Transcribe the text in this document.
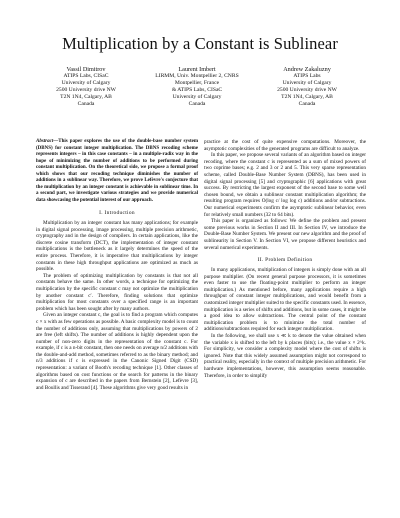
Multiplication by a Constant is Sublinear
Vassil Dimitrov
ATIPS Labs, CISaC
University of Calgary
2500 University drive NW
T2N 1N4, Calgary, AB
Canada
Laurent Imbert
LIRMM, Univ. Montpellier 2, CNRS
Montpellier, France
& ATIPS Labs, CISaC
University of Calgary
Canada
Andrew Zakaluzny
ATIPS Labs
University of Calgary
2500 University drive NW
T2N 1N4, Calgary, AB
Canada

Abstract—This paper explores the use of the double-base number system (DBNS) for constant integer multiplication. The DBNS recoding scheme represents integers – in this case constants – in a multiple-radix way in the hope of minimizing the number of additions to be performed during constant multiplication. On the theoretical side, we propose a formal proof which shows that our recoding technique diminishes the number of additions in a sublinear way. Therefore, we prove Lefèvre's conjecture that the multiplication by an integer constant is achievable in sublinear time. In a second part, we investigate various strategies and we provide numerical data showcasing the potential interest of our approach.

I. Introduction

Multiplication by an integer constant has many applications; for example in digital signal processing, image processing, multiple precision arithmetic, cryptography and in the design of compilers. In certain applications, like the discrete cosine transform (DCT), the implementation of integer constant multiplications is the bottleneck as it largely determines the speed of the entire process. Therefore, it is imperative that multiplications by integer constants in these high throughput applications are optimized as much as possible.

The problem of optimizing multiplication by constants is that not all constants behave the same. In other words, a technique for optimizing the multiplication by the specific constant c may not optimize the multiplication by another constant c′. Therefore, finding solutions that optimize multiplication for most constants over a specified range is an important problem which has been sought after by many authors.

Given an integer constant c, the goal is to find a program which computes c × x with as few operations as possible. A basic complexity model is to count the number of additions only, assuming that multiplications by powers of 2 are free (left shifts). The number of additions is highly dependent upon the number of non-zero digits in the representation of the constant c. For example, if c is a n-bit constant, then one needs on average n/2 additions with the double-and-add method, sometimes referred to as the binary method; and n/3 additions if c is expressed in the Canonic Signed Digit (CSD) representation: a variant of Booth's recoding technique [1]. Other classes of algorithms based on cost functions or the search for patterns in the binary expansion of c are described in the papers from Bernstein [2], Lefèvre [3], and Boullis and Tisserand [4]. These algorithms give very good results in

practice at the cost of quite expensive computations. Moreover, the asymptotic complexities of the generated programs are difficult to analyze.

In this paper, we propose several variants of an algorithm based on integer recoding, where the constant c is represented as a sum of mixed powers of two coprime bases; e.g. 2 and 3 or 2 and 5. This very sparse representation scheme, called Double-Base Number System (DBNS), has been used in digital signal processing [5] and cryptographic [6] applications with great success. By restricting the largest exponent of the second base to some well chosen bound, we obtain a sublinear constant multiplication algorithm; the resulting program requires O(log c/ log log c) additions and/or subtractions. Our numerical experiments confirm the asymptotic sublinear behavior, even for relatively small numbers (32 to 64 bits).

This paper is organized as follows: We define the problem and present some previous works in Section II and III. In Section IV, we introduce the Double-Base Number System. We present our new algorithm and the proof of sublinearity in Section V. In Section VI, we propose different heuristics and several numerical experiments.

II. Problem Definition

In many applications, multiplication of integers is simply done with an all purpose multiplier. (On recent general purpose processors, it is sometimes even faster to use the floating-point multiplier to perform an integer multiplication.) As mentioned before, many applications require a high throughput of constant integer multiplications, and would benefit from a customized integer multiplier suited to the specific constants used. In essence, multiplication is a series of shifts and additions, but in some cases, it might be a good idea to allow subtractions. The central point of the constant multiplication problem is to minimize the total number of additions/subtractions required for each integer multiplication.

In the following, we shall use x ≪ k to denote the value obtained when the variable x is shifted to the left by k places (bits); i.e., the value x × 2^k. For simplicity, we consider a complexity model where the cost of shifts is ignored. Note that this widely assumed assumption might not correspond to practical reality, especially in the context of multiple precision arithmetic. For hardware implementations, however, this assumption seems reasonable. Therefore, in order to simplify
